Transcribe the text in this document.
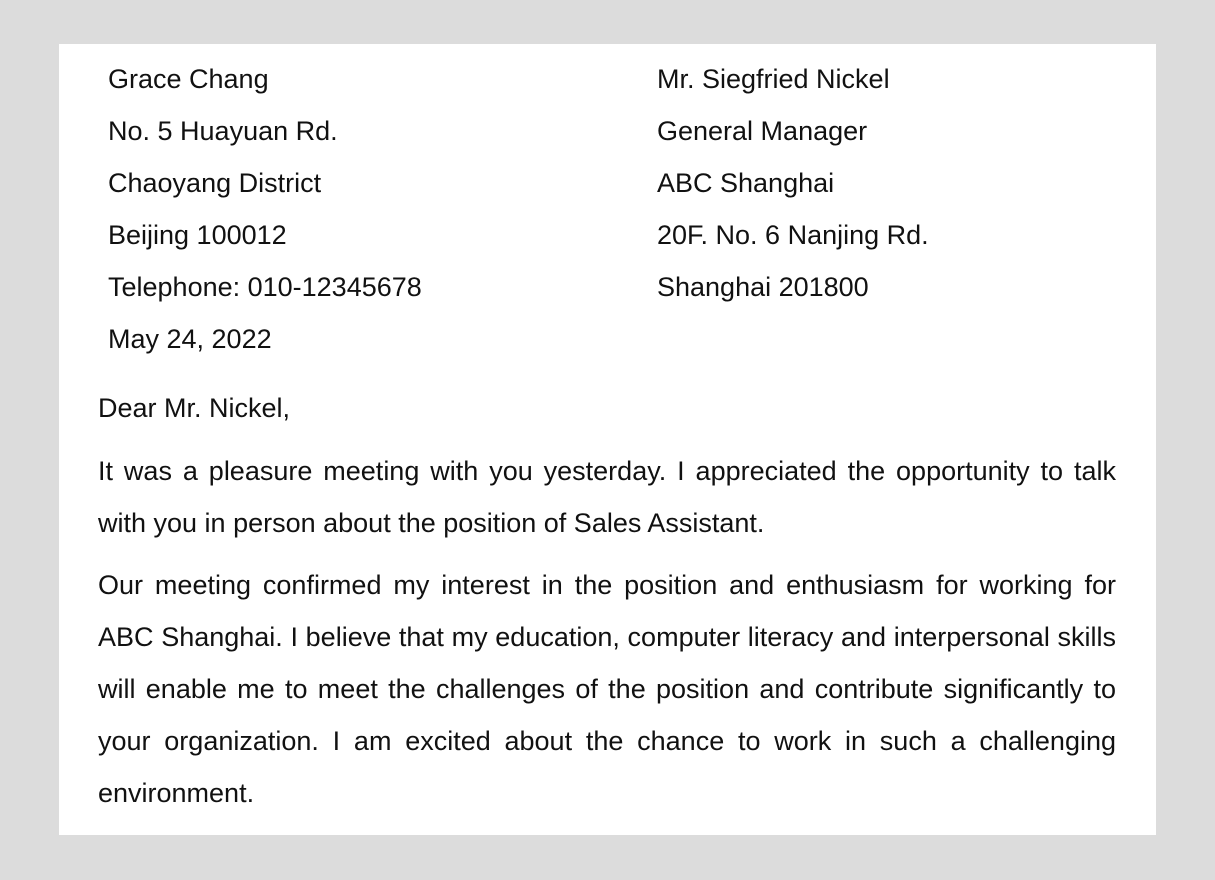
Grace Chang
No. 5 Huayuan Rd.
Chaoyang District
Beijing 100012
Telephone: 010-12345678
May 24, 2022
Mr. Siegfried Nickel
General Manager
ABC Shanghai
20F. No. 6 Nanjing Rd.
Shanghai 201800
Dear Mr. Nickel,

It was a pleasure meeting with you yesterday. I appreciated the opportunity to talk with you in person about the position of Sales Assistant.

Our meeting confirmed my interest in the position and enthusiasm for working for ABC Shanghai. I believe that my education, computer literacy and interpersonal skills will enable me to meet the challenges of the position and contribute significantly to your organization. I am excited about the chance to work in such a challenging environment.
